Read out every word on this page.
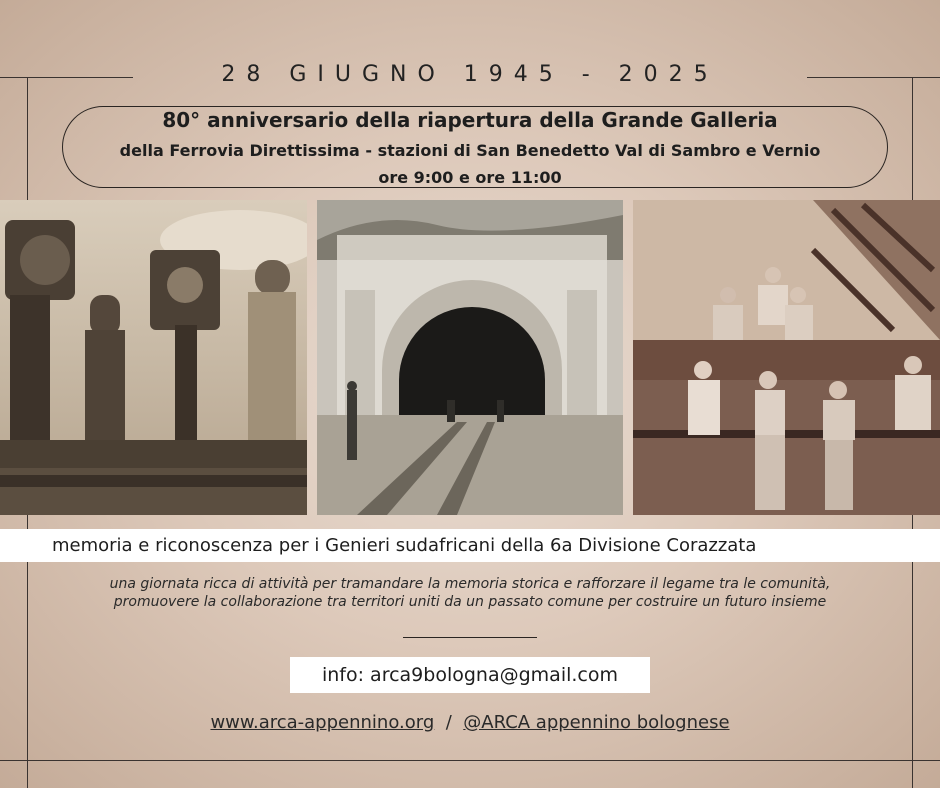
28 GIUGNO 1945 - 2025
80° anniversario della riapertura della Grande Galleria
della Ferrovia Direttissima - stazioni di San Benedetto Val di Sambro e Vernio
ore 9:00 e ore 11:00
memoria e riconoscenza per i Genieri sudafricani della 6a Divisione Corazzata
una giornata ricca di attività per tramandare la memoria storica e rafforzare il legame tra le comunità,
promuovere la collaborazione tra territori uniti da un passato comune per costruire un futuro insieme
info: arca9bologna@gmail.com
www.arca-appennino.org / @ARCA appennino bolognese
